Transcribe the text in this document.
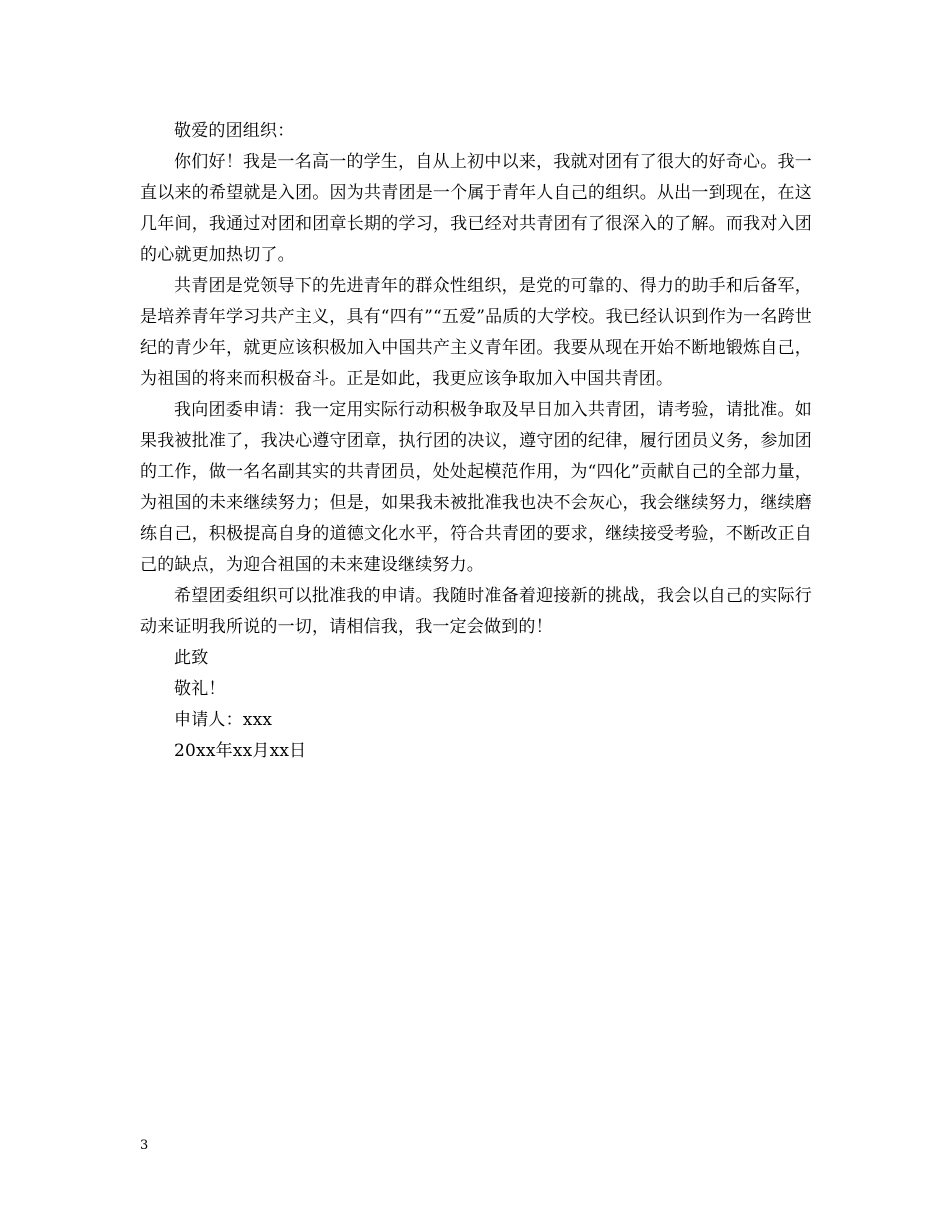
敬爱的团组织：

你们好！我是一名高一的学生，自从上初中以来，我就对团有了很大的好奇心。我一直以来的希望就是入团。因为共青团是一个属于青年人自己的组织。从出一到现在，在这几年间，我通过对团和团章长期的学习，我已经对共青团有了很深入的了解。而我对入团的心就更加热切了。

共青团是党领导下的先进青年的群众性组织，是党的可靠的、得力的助手和后备军，是培养青年学习共产主义，具有“四有”“五爱”品质的大学校。我已经认识到作为一名跨世纪的青少年，就更应该积极加入中国共产主义青年团。我要从现在开始不断地锻炼自己，为祖国的将来而积极奋斗。正是如此，我更应该争取加入中国共青团。

我向团委申请：我一定用实际行动积极争取及早日加入共青团，请考验，请批准。如果我被批准了，我决心遵守团章，执行团的决议，遵守团的纪律，履行团员义务，参加团的工作，做一名名副其实的共青团员，处处起模范作用，为“四化”贡献自己的全部力量，为祖国的未来继续努力；但是，如果我未被批准我也决不会灰心，我会继续努力，继续磨练自己，积极提高自身的道德文化水平，符合共青团的要求，继续接受考验，不断改正自己的缺点，为迎合祖国的未来建设继续努力。

希望团委组织可以批准我的申请。我随时准备着迎接新的挑战，我会以自己的实际行动来证明我所说的一切，请相信我，我一定会做到的！

此致

敬礼！

申请人：xxx

20xx年xx月xx日

3
